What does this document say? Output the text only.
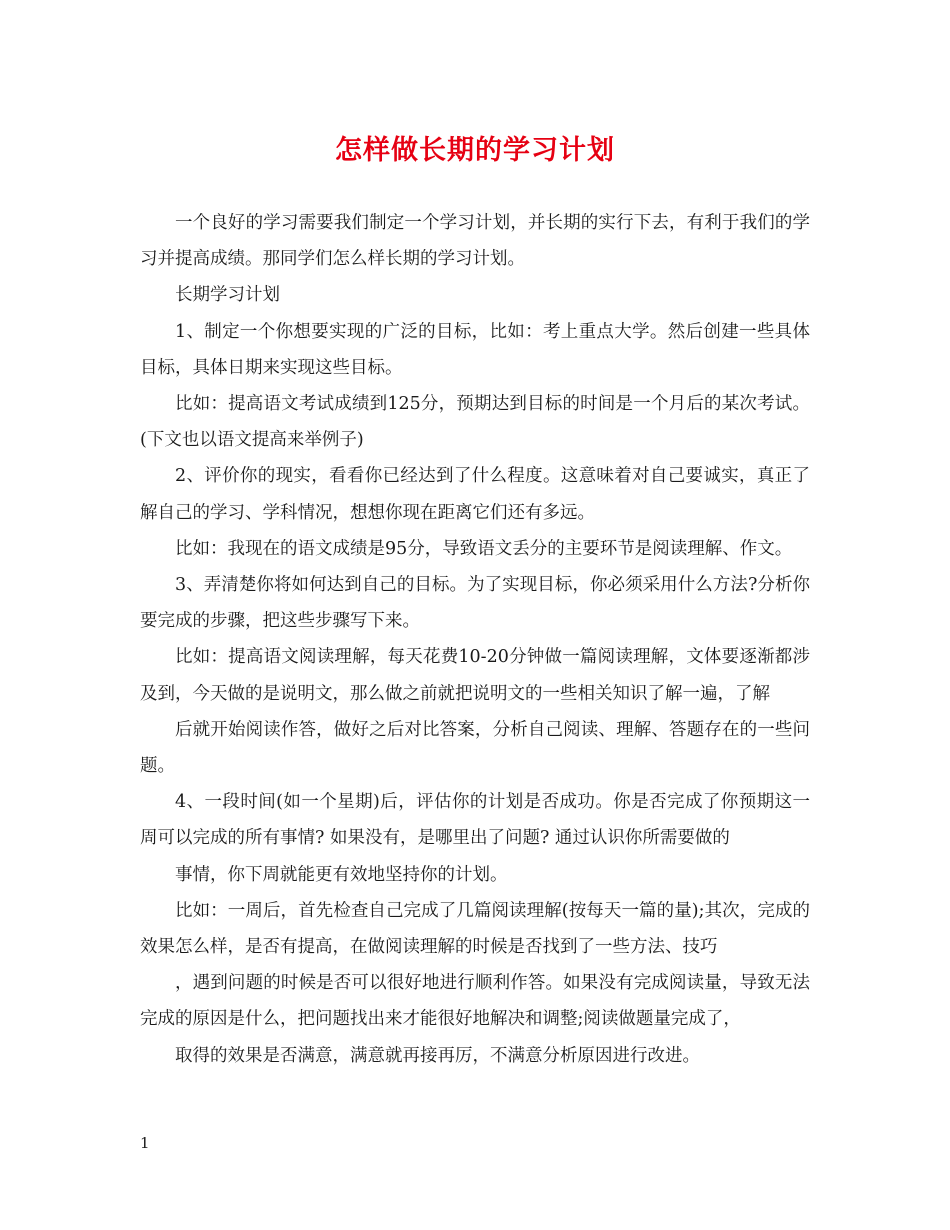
怎样做长期的学习计划

一个良好的学习需要我们制定一个学习计划，并长期的实行下去，有利于我们的学习并提高成绩。那同学们怎么样长期的学习计划。

长期学习计划

1、制定一个你想要实现的广泛的目标，比如：考上重点大学。然后创建一些具体目标，具体日期来实现这些目标。

比如：提高语文考试成绩到125分，预期达到目标的时间是一个月后的某次考试。(下文也以语文提高来举例子)

2、评价你的现实，看看你已经达到了什么程度。这意味着对自己要诚实，真正了解自己的学习、学科情况，想想你现在距离它们还有多远。

比如：我现在的语文成绩是95分，导致语文丢分的主要环节是阅读理解、作文。

3、弄清楚你将如何达到自己的目标。为了实现目标，你必须采用什么方法?分析你要完成的步骤，把这些步骤写下来。

比如：提高语文阅读理解，每天花费10-20分钟做一篇阅读理解，文体要逐渐都涉及到，今天做的是说明文，那么做之前就把说明文的一些相关知识了解一遍，了解

后就开始阅读作答，做好之后对比答案，分析自己阅读、理解、答题存在的一些问题。

4、一段时间(如一个星期)后，评估你的计划是否成功。你是否完成了你预期这一周可以完成的所有事情? 如果没有，是哪里出了问题? 通过认识你所需要做的

事情，你下周就能更有效地坚持你的计划。

比如：一周后，首先检查自己完成了几篇阅读理解(按每天一篇的量);其次，完成的效果怎么样，是否有提高，在做阅读理解的时候是否找到了一些方法、技巧

，遇到问题的时候是否可以很好地进行顺利作答。如果没有完成阅读量，导致无法完成的原因是什么，把问题找出来才能很好地解决和调整;阅读做题量完成了，

取得的效果是否满意，满意就再接再厉，不满意分析原因进行改进。

1
